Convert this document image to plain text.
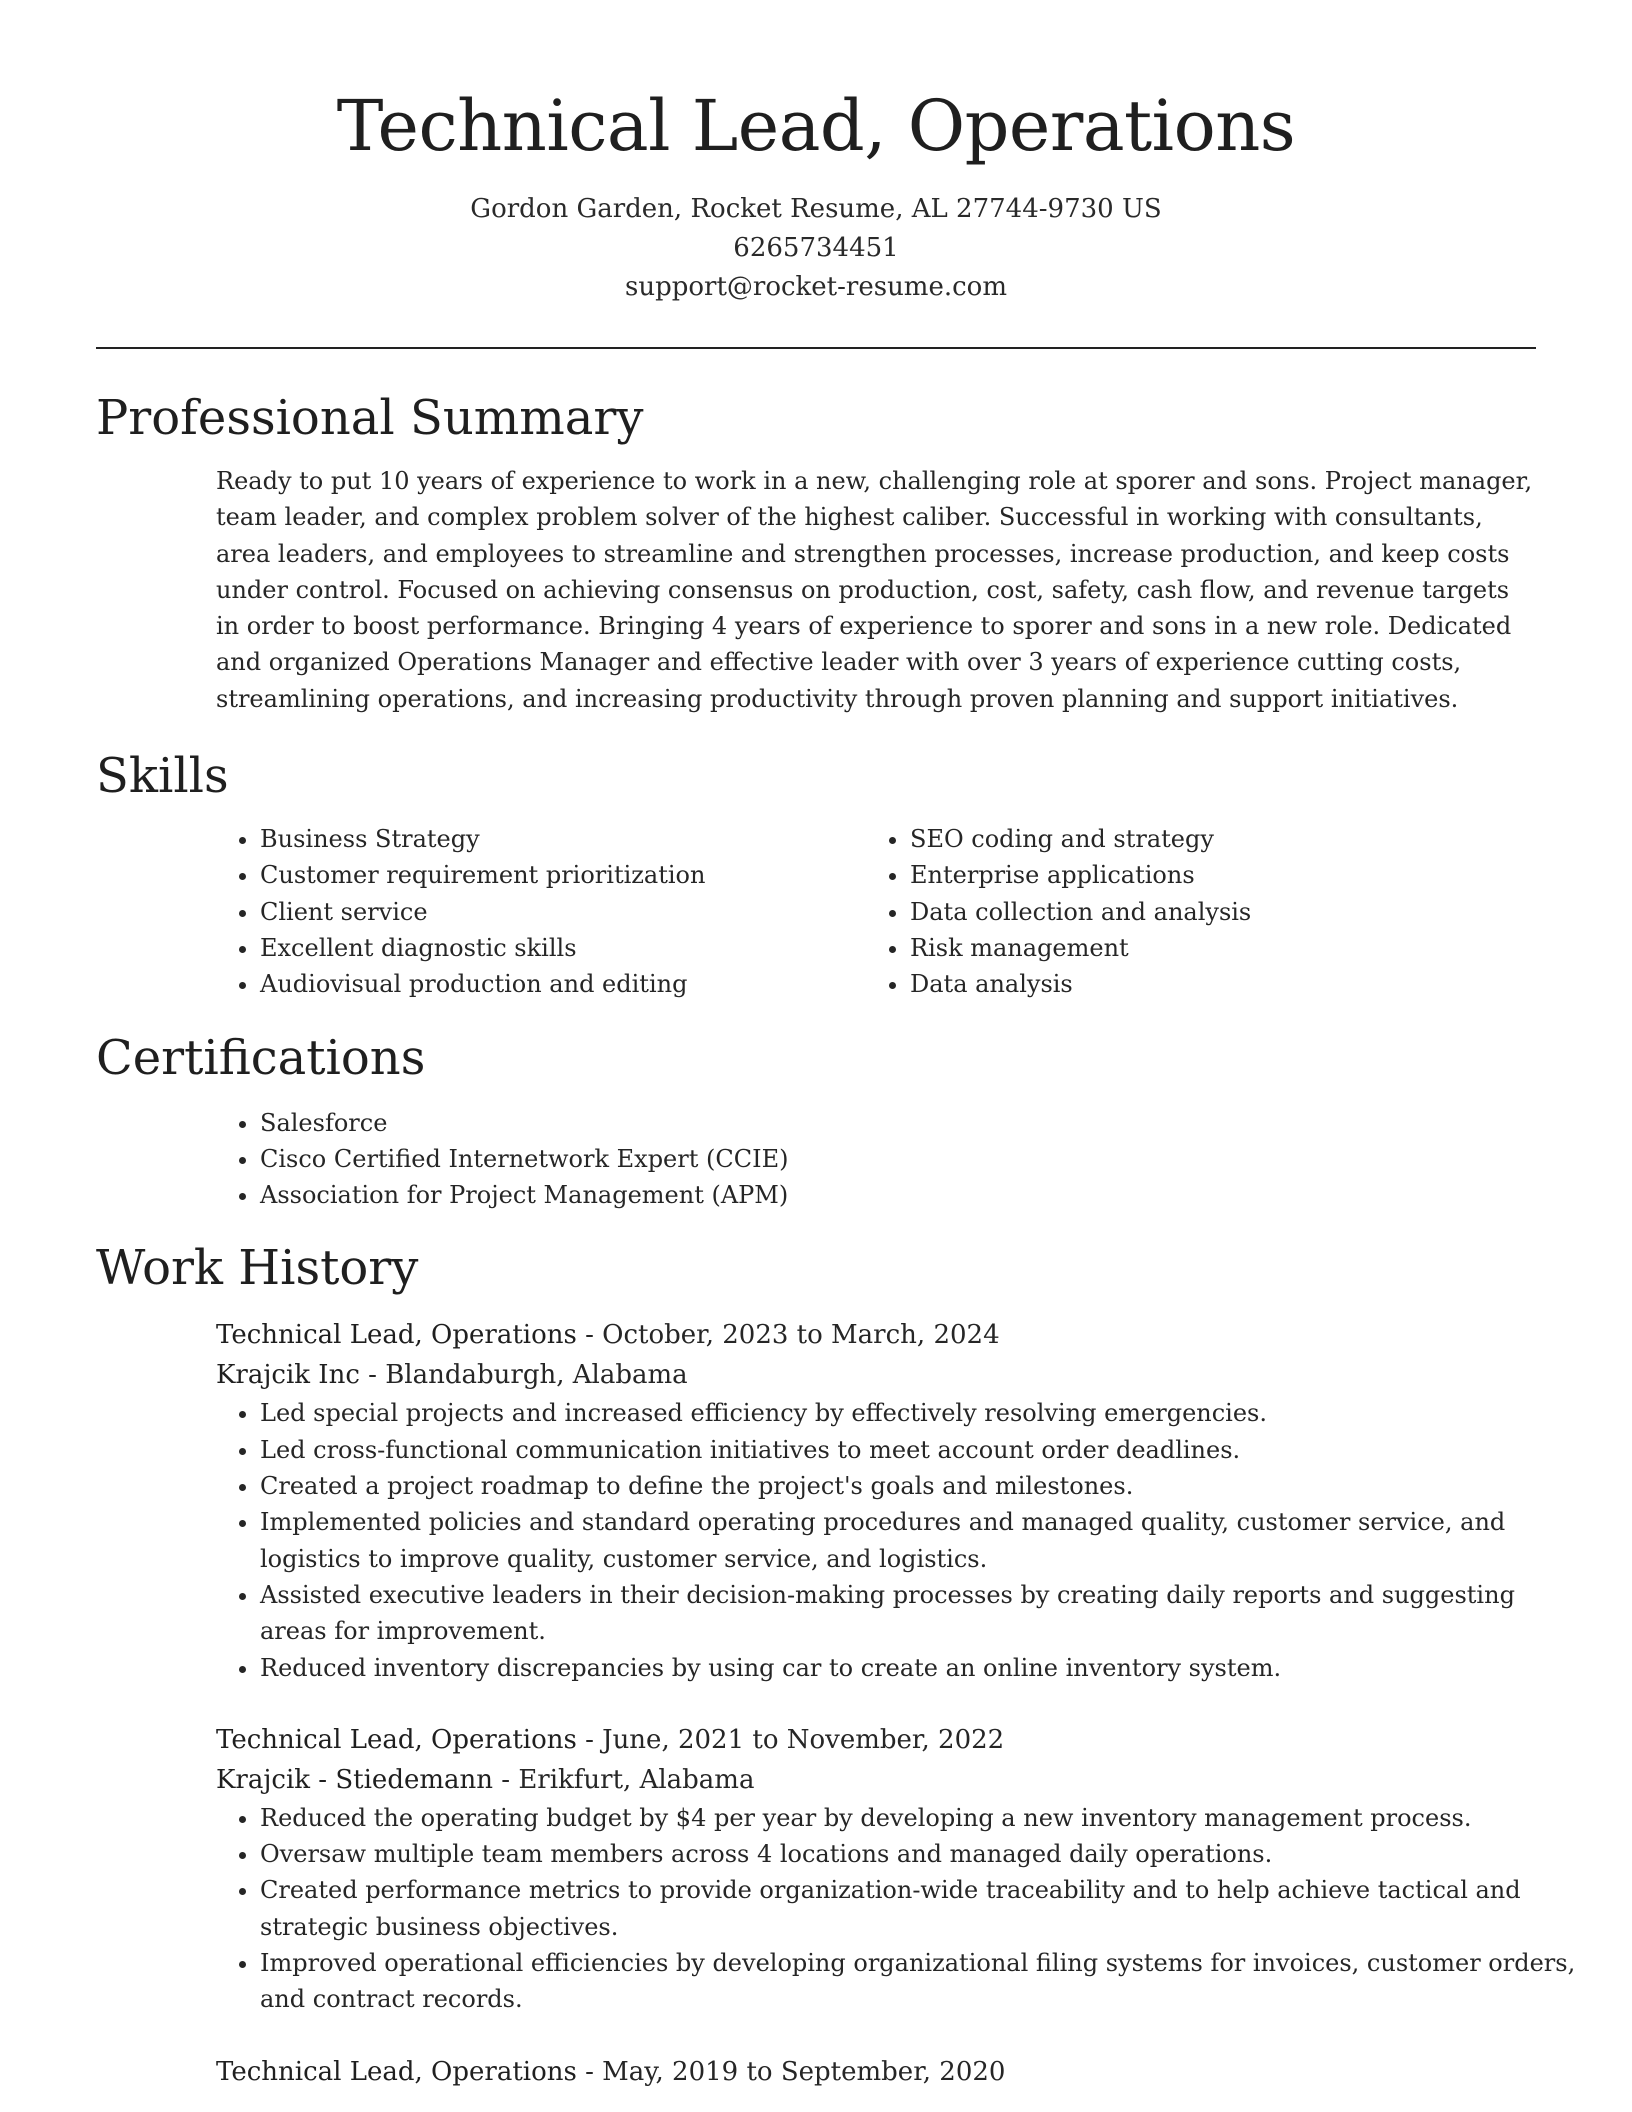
Technical Lead, Operations
Gordon Garden, Rocket Resume, AL 27744-9730 US
6265734451
support@rocket-resume.com
Professional Summary
Ready to put 10 years of experience to work in a new, challenging role at sporer and sons. Project manager, team leader, and complex problem solver of the highest caliber. Successful in working with consultants, area leaders, and employees to streamline and strengthen processes, increase production, and keep costs under control. Focused on achieving consensus on production, cost, safety, cash flow, and revenue targets in order to boost performance. Bringing 4 years of experience to sporer and sons in a new role. Dedicated and organized Operations Manager and effective leader with over 3 years of experience cutting costs, streamlining operations, and increasing productivity through proven planning and support initiatives.
Skills
• Business Strategy
• Customer requirement prioritization
• Client service
• Excellent diagnostic skills
• Audiovisual production and editing
• SEO coding and strategy
• Enterprise applications
• Data collection and analysis
• Risk management
• Data analysis
Certifications
• Salesforce
• Cisco Certified Internetwork Expert (CCIE)
• Association for Project Management (APM)
Work History
Technical Lead, Operations - October, 2023 to March, 2024
Krajcik Inc - Blandaburgh, Alabama
• Led special projects and increased efficiency by effectively resolving emergencies.
• Led cross-functional communication initiatives to meet account order deadlines.
• Created a project roadmap to define the project's goals and milestones.
• Implemented policies and standard operating procedures and managed quality, customer service, and logistics to improve quality, customer service, and logistics.
• Assisted executive leaders in their decision-making processes by creating daily reports and suggesting areas for improvement.
• Reduced inventory discrepancies by using car to create an online inventory system.
Technical Lead, Operations - June, 2021 to November, 2022
Krajcik - Stiedemann - Erikfurt, Alabama
• Reduced the operating budget by $4 per year by developing a new inventory management process.
• Oversaw multiple team members across 4 locations and managed daily operations.
• Created performance metrics to provide organization-wide traceability and to help achieve tactical and strategic business objectives.
• Improved operational efficiencies by developing organizational filing systems for invoices, customer orders, and contract records.
Technical Lead, Operations - May, 2019 to September, 2020
